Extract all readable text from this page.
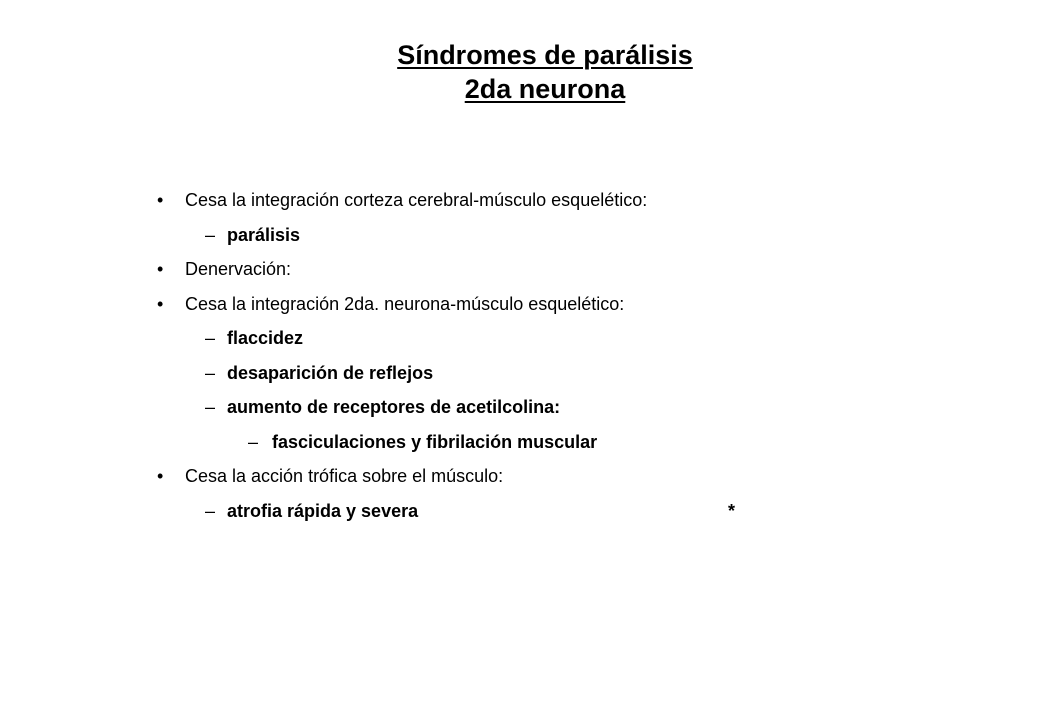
Síndromes de parálisis
2da neurona
• Cesa la integración corteza cerebral-músculo esquelético:
– parálisis
• Denervación:
• Cesa la integración 2da. neurona-músculo esquelético:
– flaccidez
– desaparición de reflejos
– aumento de receptores de acetilcolina:
– fasciculaciones y fibrilación muscular
• Cesa la acción trófica sobre el músculo:
– atrofia rápida y severa	*
